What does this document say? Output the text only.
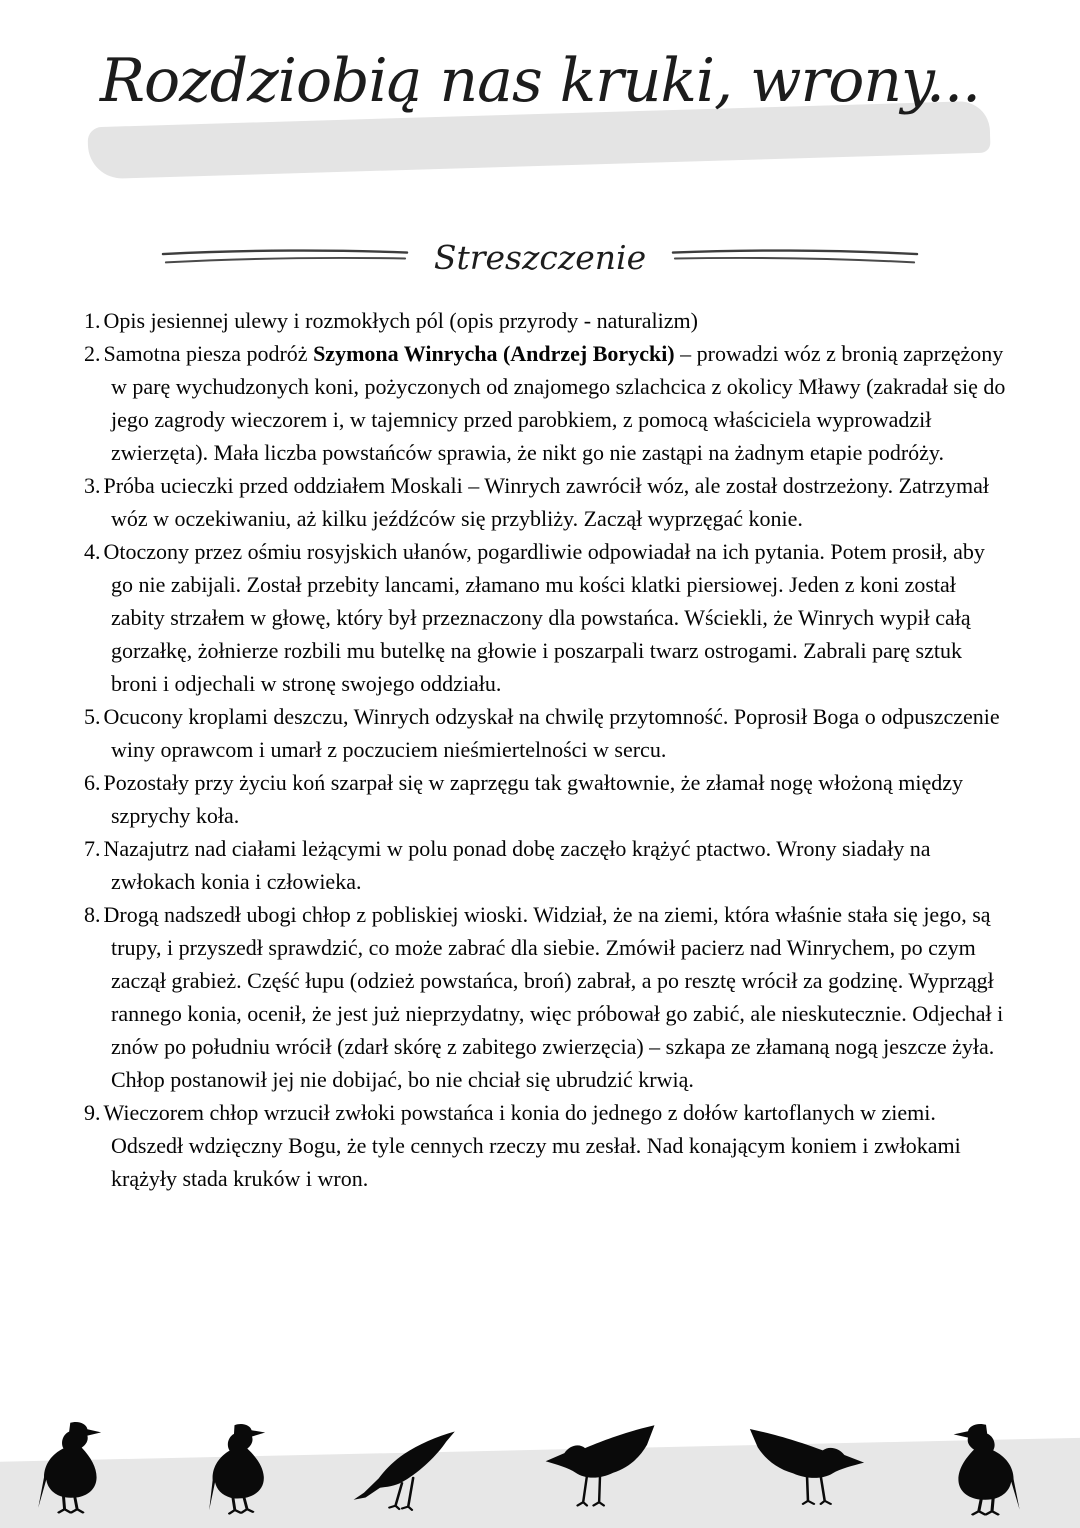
Rozdziobią nas kruki, wrony...
Streszczenie
1. Opis jesiennej ulewy i rozmokłych pól (opis przyrody - naturalizm)
2. Samotna piesza podróż Szymona Winrycha (Andrzej Borycki) – prowadzi wóz z bronią zaprzężony w parę wychudzonych koni, pożyczonych od znajomego szlachcica z okolicy Mławy (zakradał się do jego zagrody wieczorem i, w tajemnicy przed parobkiem, z pomocą właściciela wyprowadził zwierzęta). Mała liczba powstańców sprawia, że nikt go nie zastąpi na żadnym etapie podróży.
3. Próba ucieczki przed oddziałem Moskali – Winrych zawrócił wóz, ale został dostrzeżony. Zatrzymał wóz w oczekiwaniu, aż kilku jeźdźców się przybliży. Zaczął wyprzęgać konie.
4. Otoczony przez ośmiu rosyjskich ułanów, pogardliwie odpowiadał na ich pytania. Potem prosił, aby go nie zabijali. Został przebity lancami, złamano mu kości klatki piersiowej. Jeden z koni został zabity strzałem w głowę, który był przeznaczony dla powstańca. Wściekli, że Winrych wypił całą gorzałkę, żołnierze rozbili mu butelkę na głowie i poszarpali twarz ostrogami. Zabrali parę sztuk broni i odjechali w stronę swojego oddziału.
5. Ocucony kroplami deszczu, Winrych odzyskał na chwilę przytomność. Poprosił Boga o odpuszczenie winy oprawcom i umarł z poczuciem nieśmiertelności w sercu.
6. Pozostały przy życiu koń szarpał się w zaprzęgu tak gwałtownie, że złamał nogę włożoną między szprychy koła.
7. Nazajutrz nad ciałami leżącymi w polu ponad dobę zaczęło krążyć ptactwo. Wrony siadały na zwłokach konia i człowieka.
8. Drogą nadszedł ubogi chłop z pobliskiej wioski. Widział, że na ziemi, która właśnie stała się jego, są trupy, i przyszedł sprawdzić, co może zabrać dla siebie. Zmówił pacierz nad Winrychem, po czym zaczął grabież. Część łupu (odzież powstańca, broń) zabrał, a po resztę wrócił za godzinę. Wyprzągł rannego konia, ocenił, że jest już nieprzydatny, więc próbował go zabić, ale nieskutecznie. Odjechał i znów po południu wrócił (zdarł skórę z zabitego zwierzęcia) – szkapa ze złamaną nogą jeszcze żyła. Chłop postanowił jej nie dobijać, bo nie chciał się ubrudzić krwią.
9. Wieczorem chłop wrzucił zwłoki powstańca i konia do jednego z dołów kartoflanych w ziemi. Odszedł wdzięczny Bogu, że tyle cennych rzeczy mu zesłał. Nad konającym koniem i zwłokami krążyły stada kruków i wron.
